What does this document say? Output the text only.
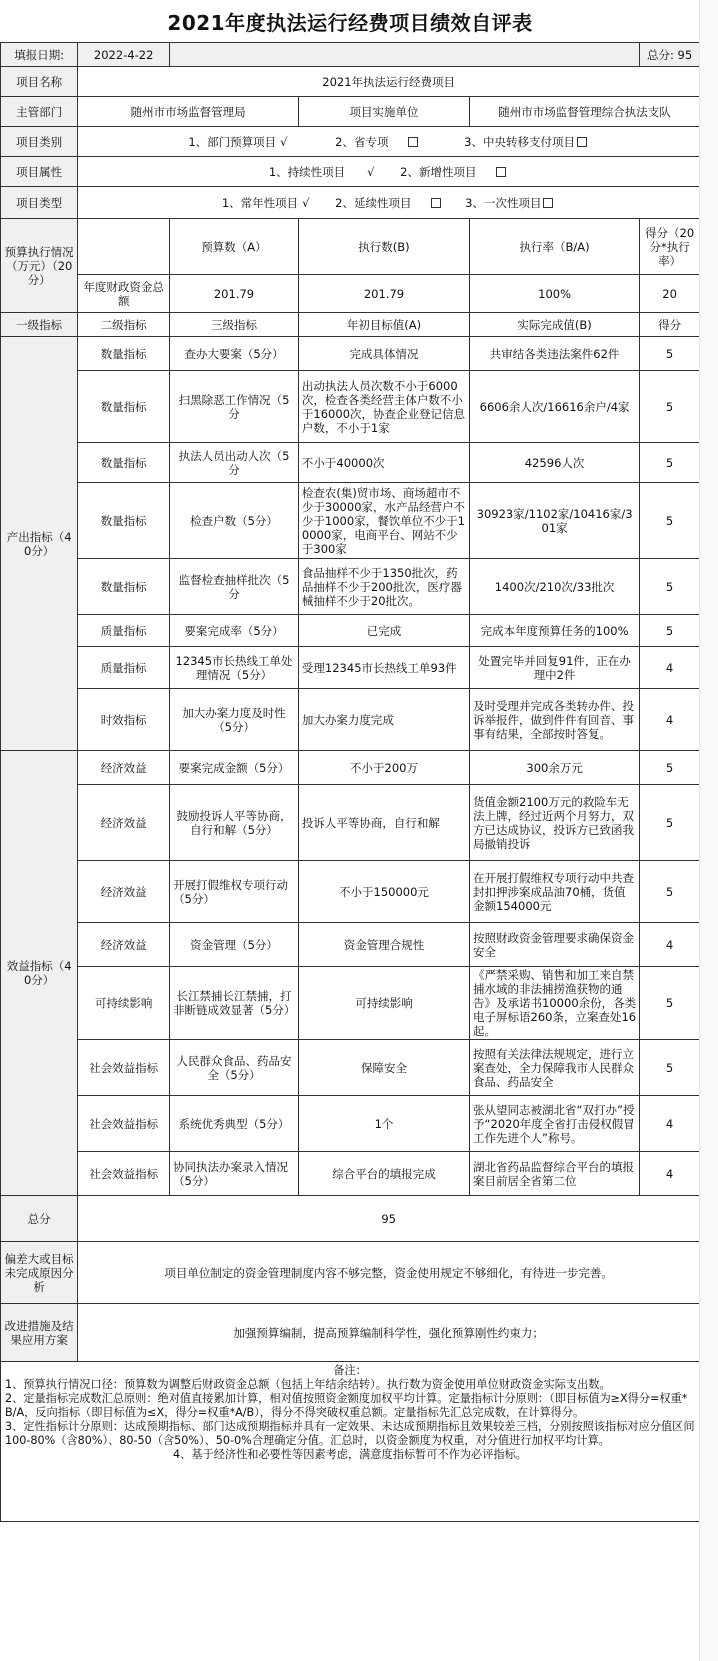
2021年度执法运行经费项目绩效自评表
填报日期:	2022-4-22				总分: 95
项目名称	2021年执法运行经费项目				
主管部门	随州市市场监督管理局		项目实施单位	随州市市场监督管理综合执法支队	
项目类别	1、部门预算项目 √ 2、省专项 3、中央转移支付项目				
项目属性	1、持续性项目 √ 2、新增性项目				
项目类型	1、常年性项目 √ 2、延续性项目 3、一次性项目				
预算执行情况（万元）（20分）		预算数（A）	执行数(B)	执行率（B/A)	得分（20分*执行率）
	年度财政资金总额	201.79	201.79	100%	20
一级指标	二级指标	三级指标	年初目标值(A)	实际完成值(B)	得分
产出指标（40分）	数量指标	查办大要案（5分）	完成具体情况	共审结各类违法案件62件	5
	数量指标	扫黑除恶工作情况（5分	出动执法人员次数不小于6000次，检查各类经营主体户数不小于16000次，协查企业登记信息户数，不小于1家	6606余人次/16616余户/4家	5
	数量指标	执法人员出动人次（5分	不小于40000次	42596人次	5
	数量指标	检查户数（5分）	检查农(集)贸市场、商场超市不少于30000家，水产品经营户不少于1000家，餐饮单位不少于10000家，电商平台、网站不少于300家	30923家/1102家/10416家/301家	5
	数量指标	监督检查抽样批次（5分	食品抽样不少于1350批次，药品抽样不少于200批次，医疗器械抽样不少于20批次。	1400次/210次/33批次	5
	质量指标	要案完成率（5分）	已完成	完成本年度预算任务的100%	5
	质量指标	12345市长热线工单处理情况（5分）	受理12345市长热线工单93件	处置完毕并回复91件，正在办理中2件	4
	时效指标	加大办案力度及时性（5分）	加大办案力度完成	及时受理并完成各类转办件、投诉举报件，做到件件有回音、事事有结果，全部按时答复。	4
效益指标（40分）	经济效益	要案完成金额（5分）	不小于200万	300余万元	5
	经济效益	鼓励投诉人平等协商，自行和解（5分）	投诉人平等协商，自行和解	货值金额2100万元的救险车无法上牌，经过近两个月努力，双方已达成协议，投诉方已致函我局撤销投诉	5
	经济效益	开展打假维权专项行动（5分）	不小于150000元	在开展打假维权专项行动中共查封扣押涉案成品油70桶，货值金额154000元	5
	经济效益	资金管理（5分）	资金管理合规性	按照财政资金管理要求确保资金安全	4
	可持续影响	长江禁捕长江禁捕，打非断链成效显著（5分）	可持续影响	《严禁采购、销售和加工来自禁捕水域的非法捕捞渔获物的通告》及承诺书10000余份，各类电子屏标语260条，立案查处16起。	5
	社会效益指标	人民群众食品、药品安全（5分）	保障安全	按照有关法律法规规定，进行立案查处，全力保障我市人民群众食品、药品安全	5
	社会效益指标	系统优秀典型（5分）	1个	张从望同志被湖北省“双打办”授予“2020年度全省打击侵权假冒工作先进个人”称号。	4
	社会效益指标	协同执法办案录入情况（5分）	综合平台的填报完成	湖北省药品监督综合平台的填报案目前居全省第二位	4
总分	95				
偏差大或目标未完成原因分析	项目单位制定的资金管理制度内容不够完整，资金使用规定不够细化，有待进一步完善。				
改进措施及结果应用方案	加强预算编制，提高预算编制科学性，强化预算刚性约束力；				

备注：
1、预算执行情况口径：预算数为调整后财政资金总额（包括上年结余结转）。执行数为资金使用单位财政资金实际支出数。
2、定量指标完成数汇总原则：绝对值直接累加计算，相对值按照资金额度加权平均计算。定量指标计分原则：（即目标值为≥X得分=权重*B/A，反向指标（即目标值为≤X，得分=权重*A/B），得分不得突破权重总额。定量指标先汇总完成数，在计算得分。
3、定性指标计分原则：达成预期指标、部门达成预期指标并具有一定效果、未达成预期指标且效果较差三档，分别按照该指标对应分值区间100-80%（含80%）、80-50（含50%）、50-0%合理确定分值。汇总时，以资金额度为权重，对分值进行加权平均计算。
4、基于经济性和必要性等因素考虑，满意度指标暂可不作为必评指标。					
